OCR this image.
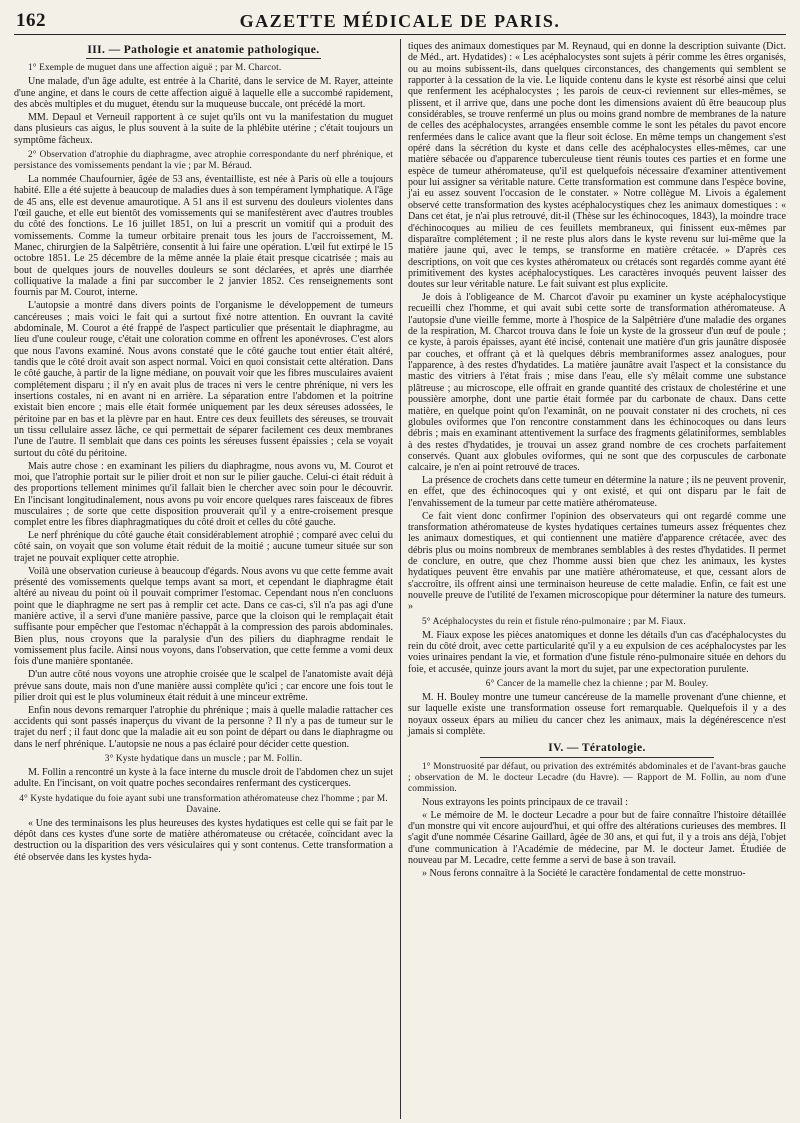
162	GAZETTE MÉDICALE DE PARIS.
III. — Pathologie et anatomie pathologique.
1° Exemple de muguet dans une affection aiguë ; par M. Charcot.

Une malade, d'un âge adulte, est entrée à la Charité, dans le service de M. Rayer, atteinte d'une angine, et dans le cours de cette affection aiguë à laquelle elle a succombé rapidement, des abcès multiples et du muguet, étendu sur la muqueuse buccale, ont précédé la mort.

MM. Depaul et Verneuil rapportent à ce sujet qu'ils ont vu la manifestation du muguet dans plusieurs cas aigus, le plus souvent à la suite de la phlébite utérine ; c'était toujours un symptôme fâcheux.

2° Observation d'atrophie du diaphragme, avec atrophie correspondante du nerf phrénique, et persistance des vomissements pendant la vie ; par M. Béraud.

La nommée Chaufournier, âgée de 53 ans, éventailliste, est née à Paris où elle a toujours habité. Elle a été sujette à beaucoup de maladies dues à son tempérament lymphatique. A l'âge de 45 ans, elle est devenue amaurotique. A 51 ans il est survenu des douleurs violentes dans l'œil gauche, et elle eut bientôt des vomissements qui se manifestèrent avec d'autres troubles du côté des fonctions. Le 16 juillet 1851, on lui a prescrit un vomitif qui a produit des vomissements. Comme la tumeur orbitaire prenait tous les jours de l'accroissement, M. Manec, chirurgien de la Salpêtrière, consentit à lui faire une opération. L'œil fut extirpé le 15 octobre 1851. Le 25 décembre de la même année la plaie était presque cicatrisée ; mais au bout de quelques jours de nouvelles douleurs se sont déclarées, et après une diarrhée colliquative la malade a fini par succomber le 2 janvier 1852. Ces renseignements sont fournis par M. Courot, interne.

L'autopsie a montré dans divers points de l'organisme le développement de tumeurs cancéreuses ; mais voici le fait qui a surtout fixé notre attention. En ouvrant la cavité abdominale, M. Courot a été frappé de l'aspect particulier que présentait le diaphragme, au lieu d'une couleur rouge, c'était une coloration comme en offrent les aponévroses. C'est alors que nous l'avons examiné. Nous avons constaté que le côté gauche tout entier était altéré, tandis que le côté droit avait son aspect normal. Voici en quoi consistait cette altération. Dans le côté gauche, à partir de la ligne médiane, on pouvait voir que les fibres musculaires avaient complétement disparu ; il n'y en avait plus de traces ni vers le centre phrénique, ni vers les insertions costales, ni en avant ni en arrière. La séparation entre l'abdomen et la poitrine existait bien encore ; mais elle était formée uniquement par les deux séreuses adossées, le péritoine par en bas et la plèvre par en haut. Entre ces deux feuillets des séreuses, se trouvait un tissu cellulaire assez lâche, ce qui permettait de séparer facilement ces deux membranes l'une de l'autre. Il semblait que dans ces points les séreuses fussent épaissies ; cela se voyait surtout du côté du péritoine.

Mais autre chose : en examinant les piliers du diaphragme, nous avons vu, M. Courot et moi, que l'atrophie portait sur le pilier droit et non sur le pilier gauche. Celui-ci était réduit à des proportions tellement minimes qu'il fallait bien le chercher avec soin pour le découvrir. En l'incisant longitudinalement, nous avons pu voir encore quelques rares faisceaux de fibres musculaires ; de sorte que cette disposition prouverait qu'il y a entre-croisement presque complet entre les fibres diaphragmatiques du côté droit et celles du côté gauche.

Le nerf phrénique du côté gauche était considérablement atrophié ; comparé avec celui du côté sain, on voyait que son volume était réduit de la moitié ; aucune tumeur située sur son trajet ne pouvait expliquer cette atrophie.

Voilà une observation curieuse à beaucoup d'égards. Nous avons vu que cette femme avait présenté des vomissements quelque temps avant sa mort, et cependant le diaphragme était altéré au niveau du point où il pouvait comprimer l'estomac. Cependant nous n'en concluons point que le diaphragme ne sert pas à remplir cet acte. Dans ce cas-ci, s'il n'a pas agi d'une manière active, il a servi d'une manière passive, parce que la cloison qui le remplaçait était suffisante pour empêcher que l'estomac n'échappât à la compression des parois abdominales. Bien plus, nous croyons que la paralysie d'un des piliers du diaphragme rendait le vomissement plus facile. Ainsi nous voyons, dans l'observation, que cette femme a vomi deux fois d'une manière spontanée.

D'un autre côté nous voyons une atrophie croisée que le scalpel de l'anatomiste avait déjà prévue sans doute, mais non d'une manière aussi complète qu'ici ; car encore une fois tout le pilier droit qui est le plus volumineux était réduit à une minceur extrême.

Enfin nous devons remarquer l'atrophie du phrénique ; mais à quelle maladie rattacher ces accidents qui sont passés inaperçus du vivant de la personne ? Il n'y a pas de tumeur sur le trajet du nerf ; il faut donc que la maladie ait eu son point de départ ou dans le diaphragme ou dans le nerf phrénique. L'autopsie ne nous a pas éclairé pour décider cette question.

3° Kyste hydatique dans un muscle ; par M. Follin.

M. Follin a rencontré un kyste à la face interne du muscle droit de l'abdomen chez un sujet adulte. En l'incisant, on voit quatre poches secondaires renfermant des cysticerques.

4° Kyste hydatique du foie ayant subi une transformation athéromateuse chez l'homme ; par M. Davaine.

« Une des terminaisons les plus heureuses des kystes hydatiques est celle qui se fait par le dépôt dans ces kystes d'une sorte de matière athéromateuse ou crétacée, coïncidant avec la destruction ou la disparition des vers vésiculaires qui y sont contenus. Cette transformation a été observée dans les kystes hyda-

tiques des animaux domestiques par M. Reynaud, qui en donne la description suivante (Dict. de Méd., art. Hydatides) : « Les acéphalocystes sont sujets à périr comme les êtres organisés, ou au moins subissent-ils, dans quelques circonstances, des changements qui semblent se rapporter à la cessation de la vie. Le liquide contenu dans le kyste est résorbé ainsi que celui que renferment les acéphalocystes ; les parois de ceux-ci reviennent sur elles-mêmes, se plissent, et il arrive que, dans une poche dont les dimensions avaient dû être beaucoup plus considérables, se trouve renfermé un plus ou moins grand nombre de membranes de la nature de celles des acéphalocystes, arrangées ensemble comme le sont les pétales du pavot encore renfermées dans le calice avant que la fleur soit éclose. En même temps un changement s'est opéré dans la sécrétion du kyste et dans celle des acéphalocystes elles-mêmes, car une matière sébacée ou d'apparence tuberculeuse tient réunis toutes ces parties et en forme une espèce de tumeur athéromateuse, qu'il est quelquefois nécessaire d'examiner attentivement pour lui assigner sa véritable nature. Cette transformation est commune dans l'espèce bovine, j'ai eu assez souvent l'occasion de le constater. » Notre collègue M. Livois a également observé cette transformation des kystes acéphalocystiques chez les animaux domestiques : « Dans cet état, je n'ai plus retrouvé, dit-il (Thèse sur les échinocoques, 1843), la moindre trace d'échinocoques au milieu de ces feuillets membraneux, qui finissent eux-mêmes par disparaître complétement ; il ne reste plus alors dans le kyste revenu sur lui-même que la matière jaune qui, avec le temps, se transforme en matière crétacée. » D'après ces descriptions, on voit que ces kystes athéromateux ou crétacés sont regardés comme ayant été primitivement des kystes acéphalocystiques. Les caractères invoqués peuvent laisser des doutes sur leur véritable nature. Le fait suivant est plus explicite.

Je dois à l'obligeance de M. Charcot d'avoir pu examiner un kyste acéphalocystique recueilli chez l'homme, et qui avait subi cette sorte de transformation athéromateuse. A l'autopsie d'une vieille femme, morte à l'hospice de la Salpêtrière d'une maladie des organes de la respiration, M. Charcot trouva dans le foie un kyste de la grosseur d'un œuf de poule ; ce kyste, à parois épaisses, ayant été incisé, contenait une matière d'un gris jaunâtre disposée par couches, et offrant çà et là quelques débris membraniformes assez analogues, pour l'apparence, à des restes d'hydatides. La matière jaunâtre avait l'aspect et la consistance du mastic des vitriers à l'état frais ; mise dans l'eau, elle s'y mêlait comme une substance plâtreuse ; au microscope, elle offrait en grande quantité des cristaux de cholestérine et une poussière amorphe, dont une partie était formée par du carbonate de chaux. Dans cette matière, en quelque point qu'on l'examinât, on ne pouvait constater ni des crochets, ni ces globules oviformes que l'on rencontre constamment dans les échinocoques ou dans leurs débris ; mais en examinant attentivement la surface des fragments gélatiniformes, semblables à des restes d'hydatides, je trouvai un assez grand nombre de ces crochets parfaitement conservés. Quant aux globules oviformes, qui ne sont que des corpuscules de carbonate calcaire, je n'en ai point retrouvé de traces.

La présence de crochets dans cette tumeur en détermine la nature ; ils ne peuvent provenir, en effet, que des échinocoques qui y ont existé, et qui ont disparu par le fait de l'envahissement de la tumeur par cette matière athéromateuse.

Ce fait vient donc confirmer l'opinion des observateurs qui ont regardé comme une transformation athéromateuse de kystes hydatiques certaines tumeurs assez fréquentes chez les animaux domestiques, et qui contiennent une matière d'apparence crétacée, avec des débris plus ou moins nombreux de membranes semblables à des restes d'hydatides. Il permet de conclure, en outre, que chez l'homme aussi bien que chez les animaux, les kystes hydatiques peuvent être envahis par une matière athéromateuse, et que, cessant alors de s'accroître, ils offrent ainsi une terminaison heureuse de cette maladie. Enfin, ce fait est une nouvelle preuve de l'utilité de l'examen microscopique pour déterminer la nature des tumeurs. »

5° Acéphalocystes du rein et fistule réno-pulmonaire ; par M. Fiaux.

M. Fiaux expose les pièces anatomiques et donne les détails d'un cas d'acéphalocystes du rein du côté droit, avec cette particularité qu'il y a eu expulsion de ces acéphalocystes par les voies urinaires pendant la vie, et formation d'une fistule réno-pulmonaire située en dehors du foie, et accusée, quinze jours avant la mort du sujet, par une expectoration purulente.

6° Cancer de la mamelle chez la chienne ; par M. Bouley.

M. H. Bouley montre une tumeur cancéreuse de la mamelle provenant d'une chienne, et sur laquelle existe une transformation osseuse fort remarquable. Quelquefois il y a des noyaux osseux épars au milieu du cancer chez les animaux, mais la dégénérescence n'est jamais si complète.

IV. — Tératologie.
1° Monstruosité par défaut, ou privation des extrémités abdominales et de l'avant-bras gauche ; observation de M. le docteur Lecadre (du Havre). — Rapport de M. Follin, au nom d'une commission.

Nous extrayons les points principaux de ce travail :

« Le mémoire de M. le docteur Lecadre a pour but de faire connaître l'histoire détaillée d'un monstre qui vit encore aujourd'hui, et qui offre des altérations curieuses des membres. Il s'agit d'une nommée Césarine Gaillard, âgée de 30 ans, et qui fut, il y a trois ans déjà, l'objet d'une communication à l'Académie de médecine, par M. le docteur Jamet. Étudiée de nouveau par M. Lecadre, cette femme a servi de base à son travail.

» Nous ferons connaître à la Société le caractère fondamental de cette monstruo-
